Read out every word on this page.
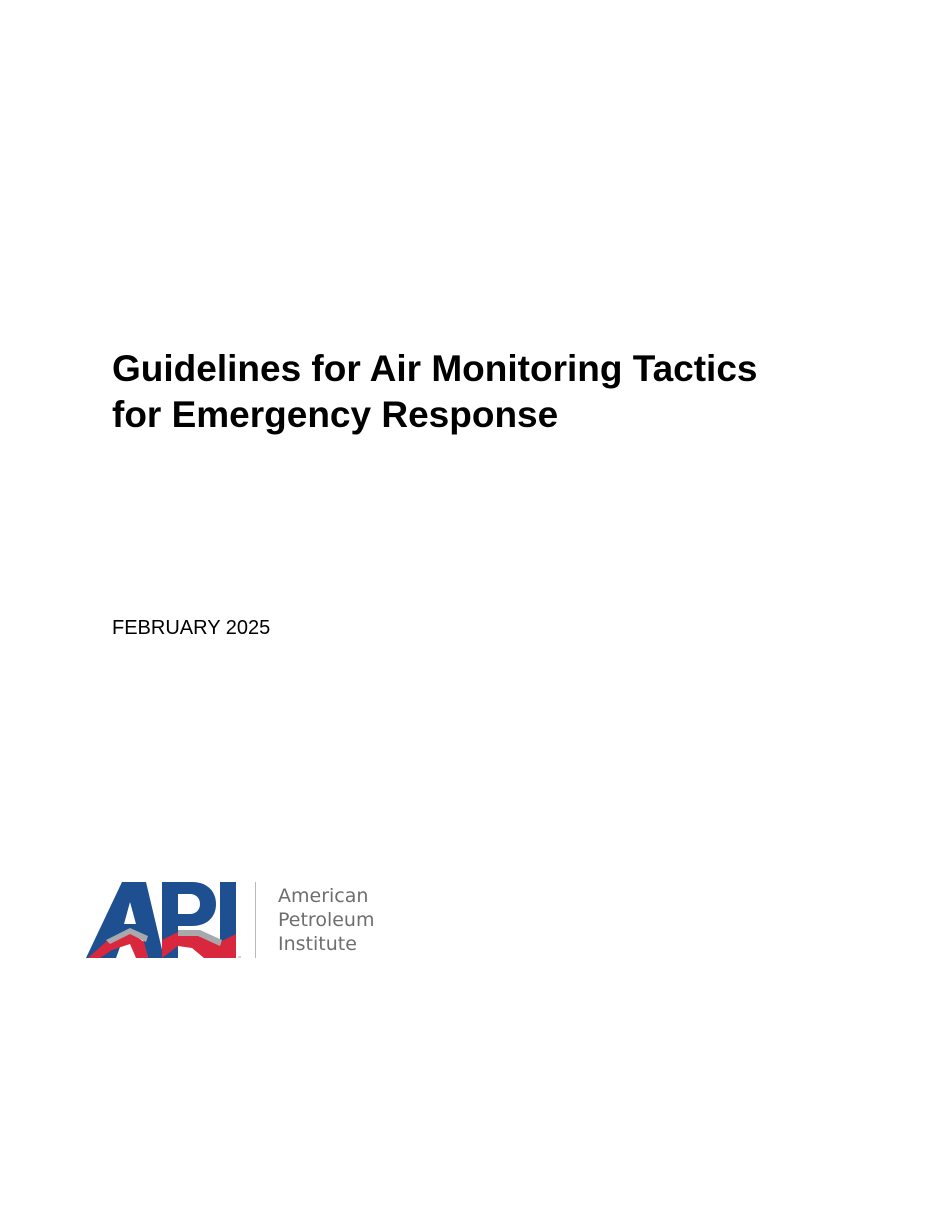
Guidelines for Air Monitoring Tactics
for Emergency Response

FEBRUARY 2025

™
American
Petroleum
Institute
